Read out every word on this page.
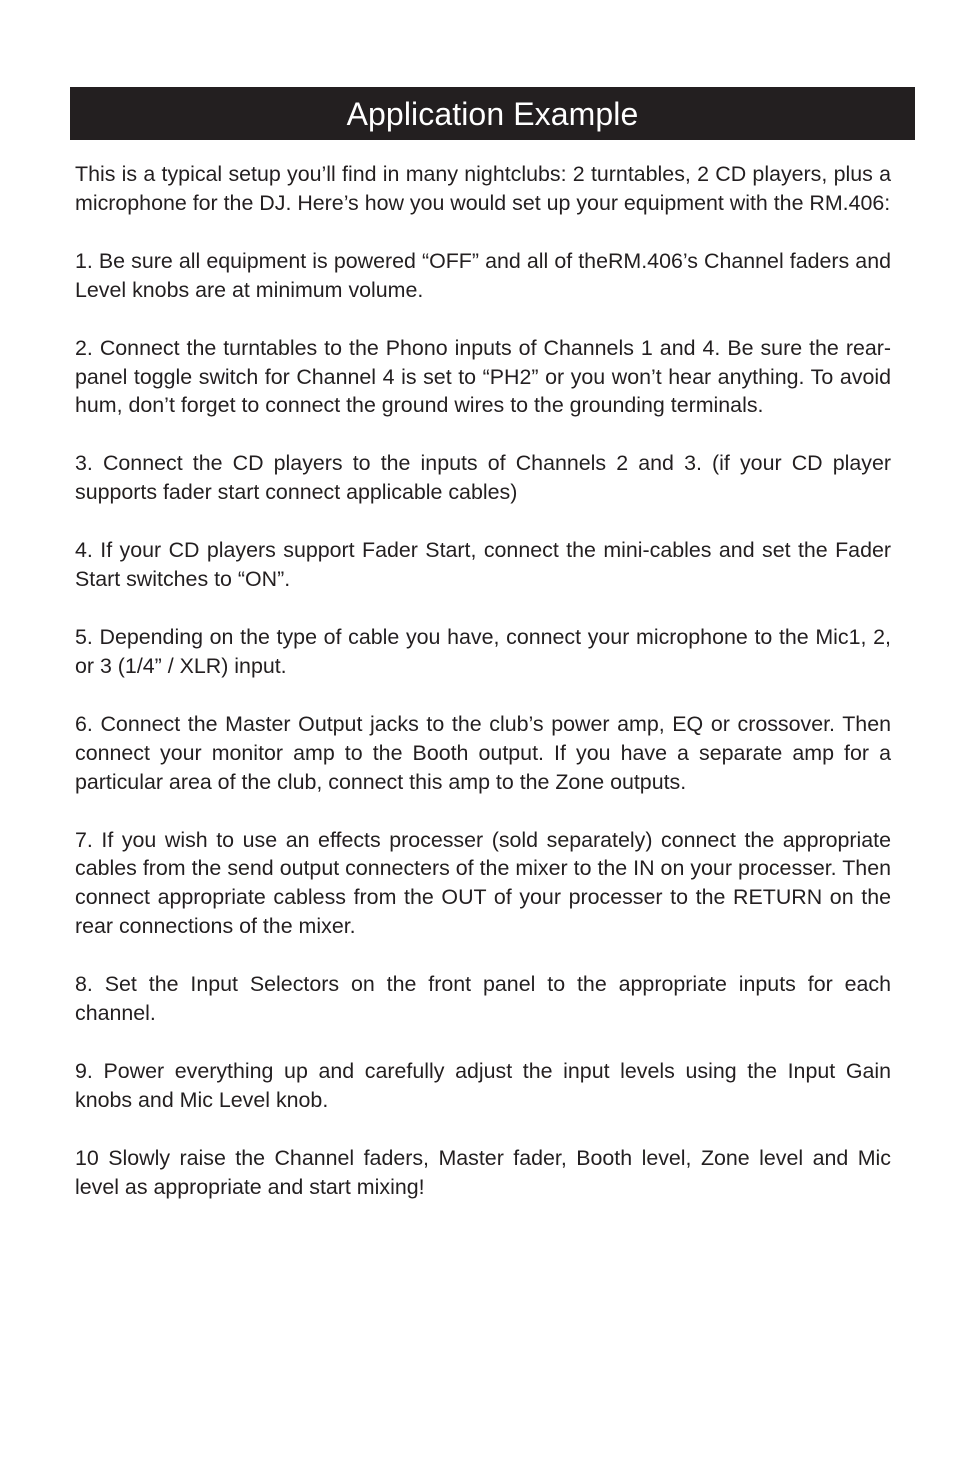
Application Example

This is a typical setup you’ll find in many nightclubs: 2 turntables, 2 CD players, plus a microphone for the DJ. Here’s how you would set up your equipment with the RM.406:

1. Be sure all equipment is powered “OFF” and all of theRM.406’s Channel faders and Level knobs are at minimum volume.

2. Connect the turntables to the Phono inputs of Channels 1 and 4. Be sure the rear-panel toggle switch for Channel 4 is set to “PH2” or you won’t hear anything. To avoid hum, don’t forget to connect the ground wires to the grounding terminals.

3. Connect the CD players to the inputs of Channels 2 and 3. (if your CD player supports fader start connect applicable cables)

4. If your CD players support Fader Start, connect the mini-cables and set the Fader Start switches to “ON”.

5. Depending on the type of cable you have, connect your microphone to the Mic1, 2, or 3 (1/4” / XLR) input.

6. Connect the Master Output jacks to the club’s power amp, EQ or crossover. Then connect your monitor amp to the Booth output. If you have a separate amp for a particular area of the club, connect this amp to the Zone outputs.

7. If you wish to use an effects processer (sold separately) connect the appropriate cables from the send output connecters of the mixer to the IN on your processer. Then connect appropriate cabless from the OUT of your processer to the RETURN on the rear connections of the mixer.

8. Set the Input Selectors on the front panel to the appropriate inputs for each channel.

9. Power everything up and carefully adjust the input levels using the Input Gain knobs and Mic Level knob.

10 Slowly raise the Channel faders, Master fader, Booth level, Zone level and Mic level as appropriate and start mixing!
